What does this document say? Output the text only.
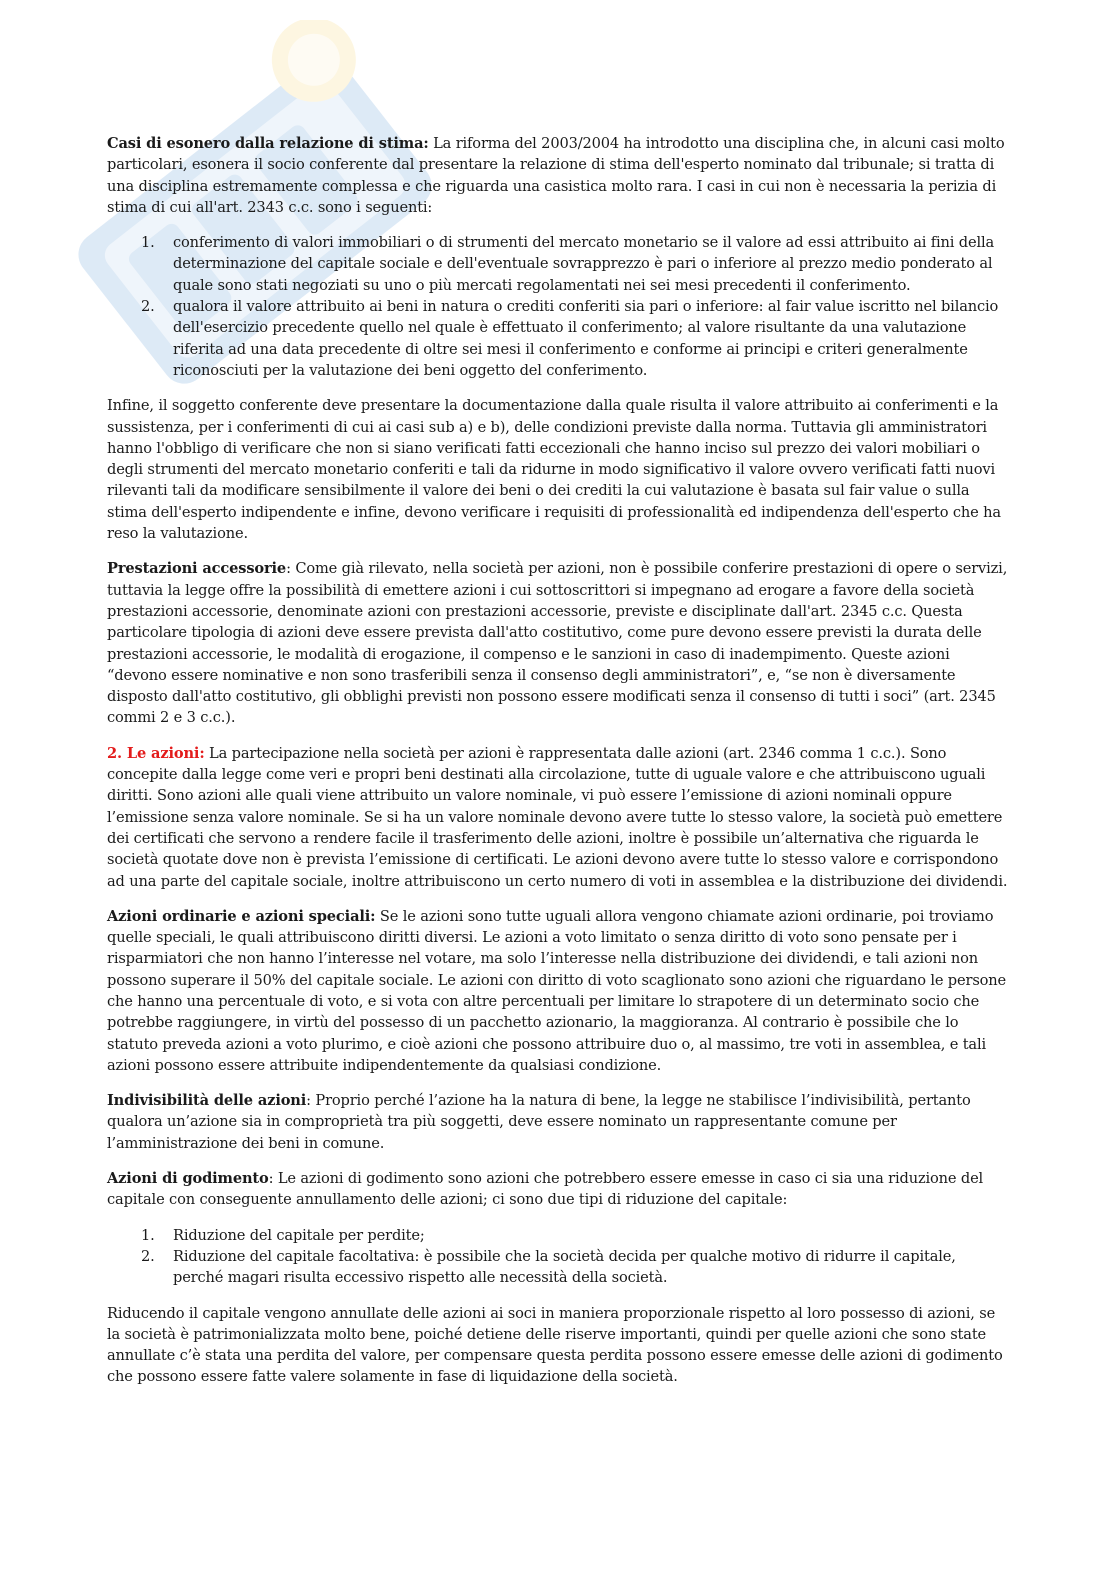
Casi di esonero dalla relazione di stima: La riforma del 2003/2004 ha introdotto una disciplina che, in alcuni casi molto particolari, esonera il socio conferente dal presentare la relazione di stima dell'esperto nominato dal tribunale; si tratta di una disciplina estremamente complessa e che riguarda una casistica molto rara. I casi in cui non è necessaria la perizia di stima di cui all'art. 2343 c.c. sono i seguenti:

1. conferimento di valori immobiliari o di strumenti del mercato monetario se il valore ad essi attribuito ai fini della determinazione del capitale sociale e dell'eventuale sovrapprezzo è pari o inferiore al prezzo medio ponderato al quale sono stati negoziati su uno o più mercati regolamentati nei sei mesi precedenti il conferimento.
2. qualora il valore attribuito ai beni in natura o crediti conferiti sia pari o inferiore: al fair value iscritto nel bilancio dell'esercizio precedente quello nel quale è effettuato il conferimento; al valore risultante da una valutazione riferita ad una data precedente di oltre sei mesi il conferimento e conforme ai principi e criteri generalmente riconosciuti per la valutazione dei beni oggetto del conferimento.

Infine, il soggetto conferente deve presentare la documentazione dalla quale risulta il valore attribuito ai conferimenti e la sussistenza, per i conferimenti di cui ai casi sub a) e b), delle condizioni previste dalla norma. Tuttavia gli amministratori hanno l'obbligo di verificare che non si siano verificati fatti eccezionali che hanno inciso sul prezzo dei valori mobiliari o degli strumenti del mercato monetario conferiti e tali da ridurne in modo significativo il valore ovvero verificati fatti nuovi rilevanti tali da modificare sensibilmente il valore dei beni o dei crediti la cui valutazione è basata sul fair value o sulla stima dell'esperto indipendente e infine, devono verificare i requisiti di professionalità ed indipendenza dell'esperto che ha reso la valutazione.

Prestazioni accessorie: Come già rilevato, nella società per azioni, non è possibile conferire prestazioni di opere o servizi, tuttavia la legge offre la possibilità di emettere azioni i cui sottoscrittori si impegnano ad erogare a favore della società prestazioni accessorie, denominate azioni con prestazioni accessorie, previste e disciplinate dall'art. 2345 c.c. Questa particolare tipologia di azioni deve essere prevista dall'atto costitutivo, come pure devono essere previsti la durata delle prestazioni accessorie, le modalità di erogazione, il compenso e le sanzioni in caso di inadempimento. Queste azioni “devono essere nominative e non sono trasferibili senza il consenso degli amministratori”, e, “se non è diversamente disposto dall'atto costitutivo, gli obblighi previsti non possono essere modificati senza il consenso di tutti i soci” (art. 2345 commi 2 e 3 c.c.).

2. Le azioni: La partecipazione nella società per azioni è rappresentata dalle azioni (art. 2346 comma 1 c.c.). Sono concepite dalla legge come veri e propri beni destinati alla circolazione, tutte di uguale valore e che attribuiscono uguali diritti. Sono azioni alle quali viene attribuito un valore nominale, vi può essere l’emissione di azioni nominali oppure l’emissione senza valore nominale. Se si ha un valore nominale devono avere tutte lo stesso valore, la società può emettere dei certificati che servono a rendere facile il trasferimento delle azioni, inoltre è possibile un’alternativa che riguarda le società quotate dove non è prevista l’emissione di certificati. Le azioni devono avere tutte lo stesso valore e corrispondono ad una parte del capitale sociale, inoltre attribuiscono un certo numero di voti in assemblea e la distribuzione dei dividendi.

Azioni ordinarie e azioni speciali: Se le azioni sono tutte uguali allora vengono chiamate azioni ordinarie, poi troviamo quelle speciali, le quali attribuiscono diritti diversi. Le azioni a voto limitato o senza diritto di voto sono pensate per i risparmiatori che non hanno l’interesse nel votare, ma solo l’interesse nella distribuzione dei dividendi, e tali azioni non possono superare il 50% del capitale sociale. Le azioni con diritto di voto scaglionato sono azioni che riguardano le persone che hanno una percentuale di voto, e si vota con altre percentuali per limitare lo strapotere di un determinato socio che potrebbe raggiungere, in virtù del possesso di un pacchetto azionario, la maggioranza. Al contrario è possibile che lo statuto preveda azioni a voto plurimo, e cioè azioni che possono attribuire duo o, al massimo, tre voti in assemblea, e tali azioni possono essere attribuite indipendentemente da qualsiasi condizione.

Indivisibilità delle azioni: Proprio perché l’azione ha la natura di bene, la legge ne stabilisce l’indivisibilità, pertanto qualora un’azione sia in comproprietà tra più soggetti, deve essere nominato un rappresentante comune per l’amministrazione dei beni in comune.

Azioni di godimento: Le azioni di godimento sono azioni che potrebbero essere emesse in caso ci sia una riduzione del capitale con conseguente annullamento delle azioni; ci sono due tipi di riduzione del capitale:

1. Riduzione del capitale per perdite;
2. Riduzione del capitale facoltativa: è possibile che la società decida per qualche motivo di ridurre il capitale, perché magari risulta eccessivo rispetto alle necessità della società.

Riducendo il capitale vengono annullate delle azioni ai soci in maniera proporzionale rispetto al loro possesso di azioni, se la società è patrimonializzata molto bene, poiché detiene delle riserve importanti, quindi per quelle azioni che sono state annullate c’è stata una perdita del valore, per compensare questa perdita possono essere emesse delle azioni di godimento che possono essere fatte valere solamente in fase di liquidazione della società.
